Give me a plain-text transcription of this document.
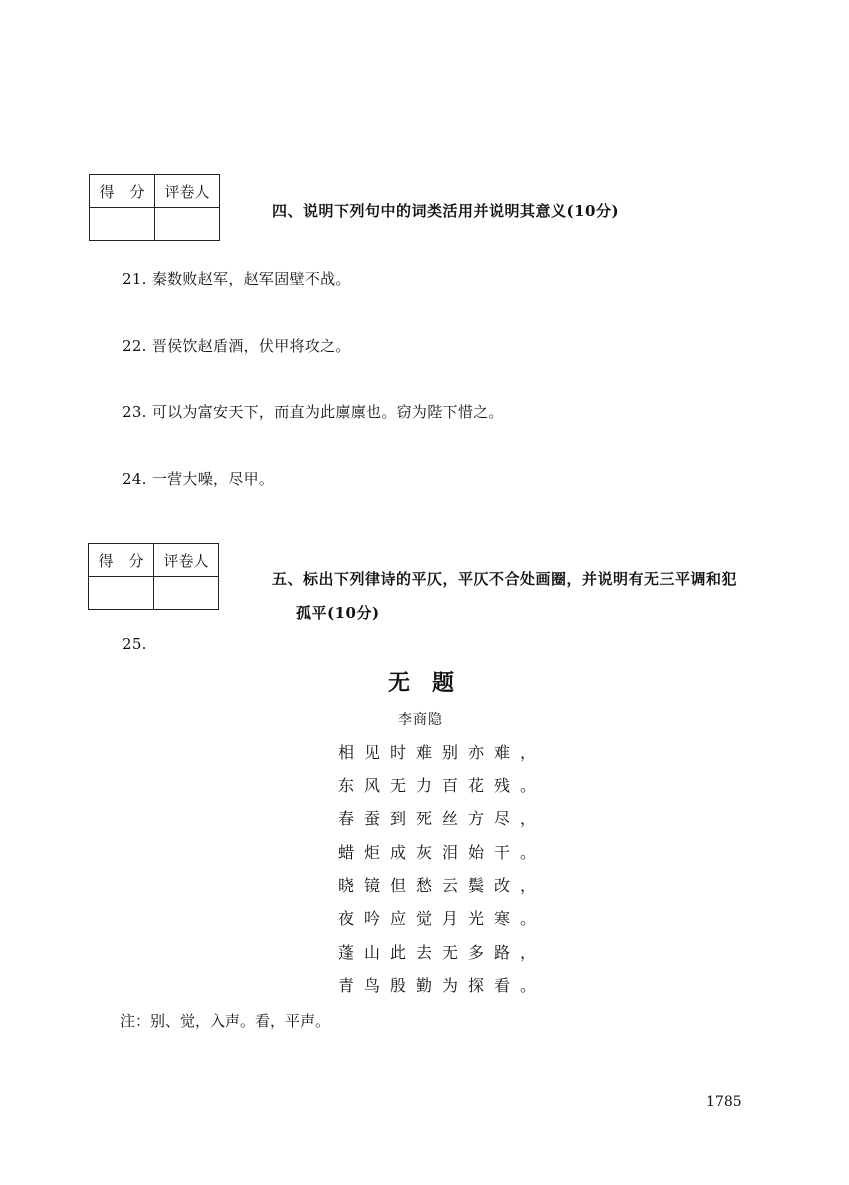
得　分	评卷人

四、说明下列句中的词类活用并说明其意义(10分)
21. 秦数败赵军，赵军固壁不战。
22. 晋侯饮赵盾酒，伏甲将攻之。
23. 可以为富安天下，而直为此廪廪也。窃为陛下惜之。
24. 一营大噪，尽甲。
得　分	评卷人

五、标出下列律诗的平仄，平仄不合处画圈，并说明有无三平调和犯
孤平(10分)
25.
无题
李商隐
相见时难别亦难，
东风无力百花残。
春蚕到死丝方尽，
蜡炬成灰泪始干。
晓镜但愁云鬓改，
夜吟应觉月光寒。
蓬山此去无多路，
青鸟殷勤为探看。
注：别、觉，入声。看，平声。
1785
